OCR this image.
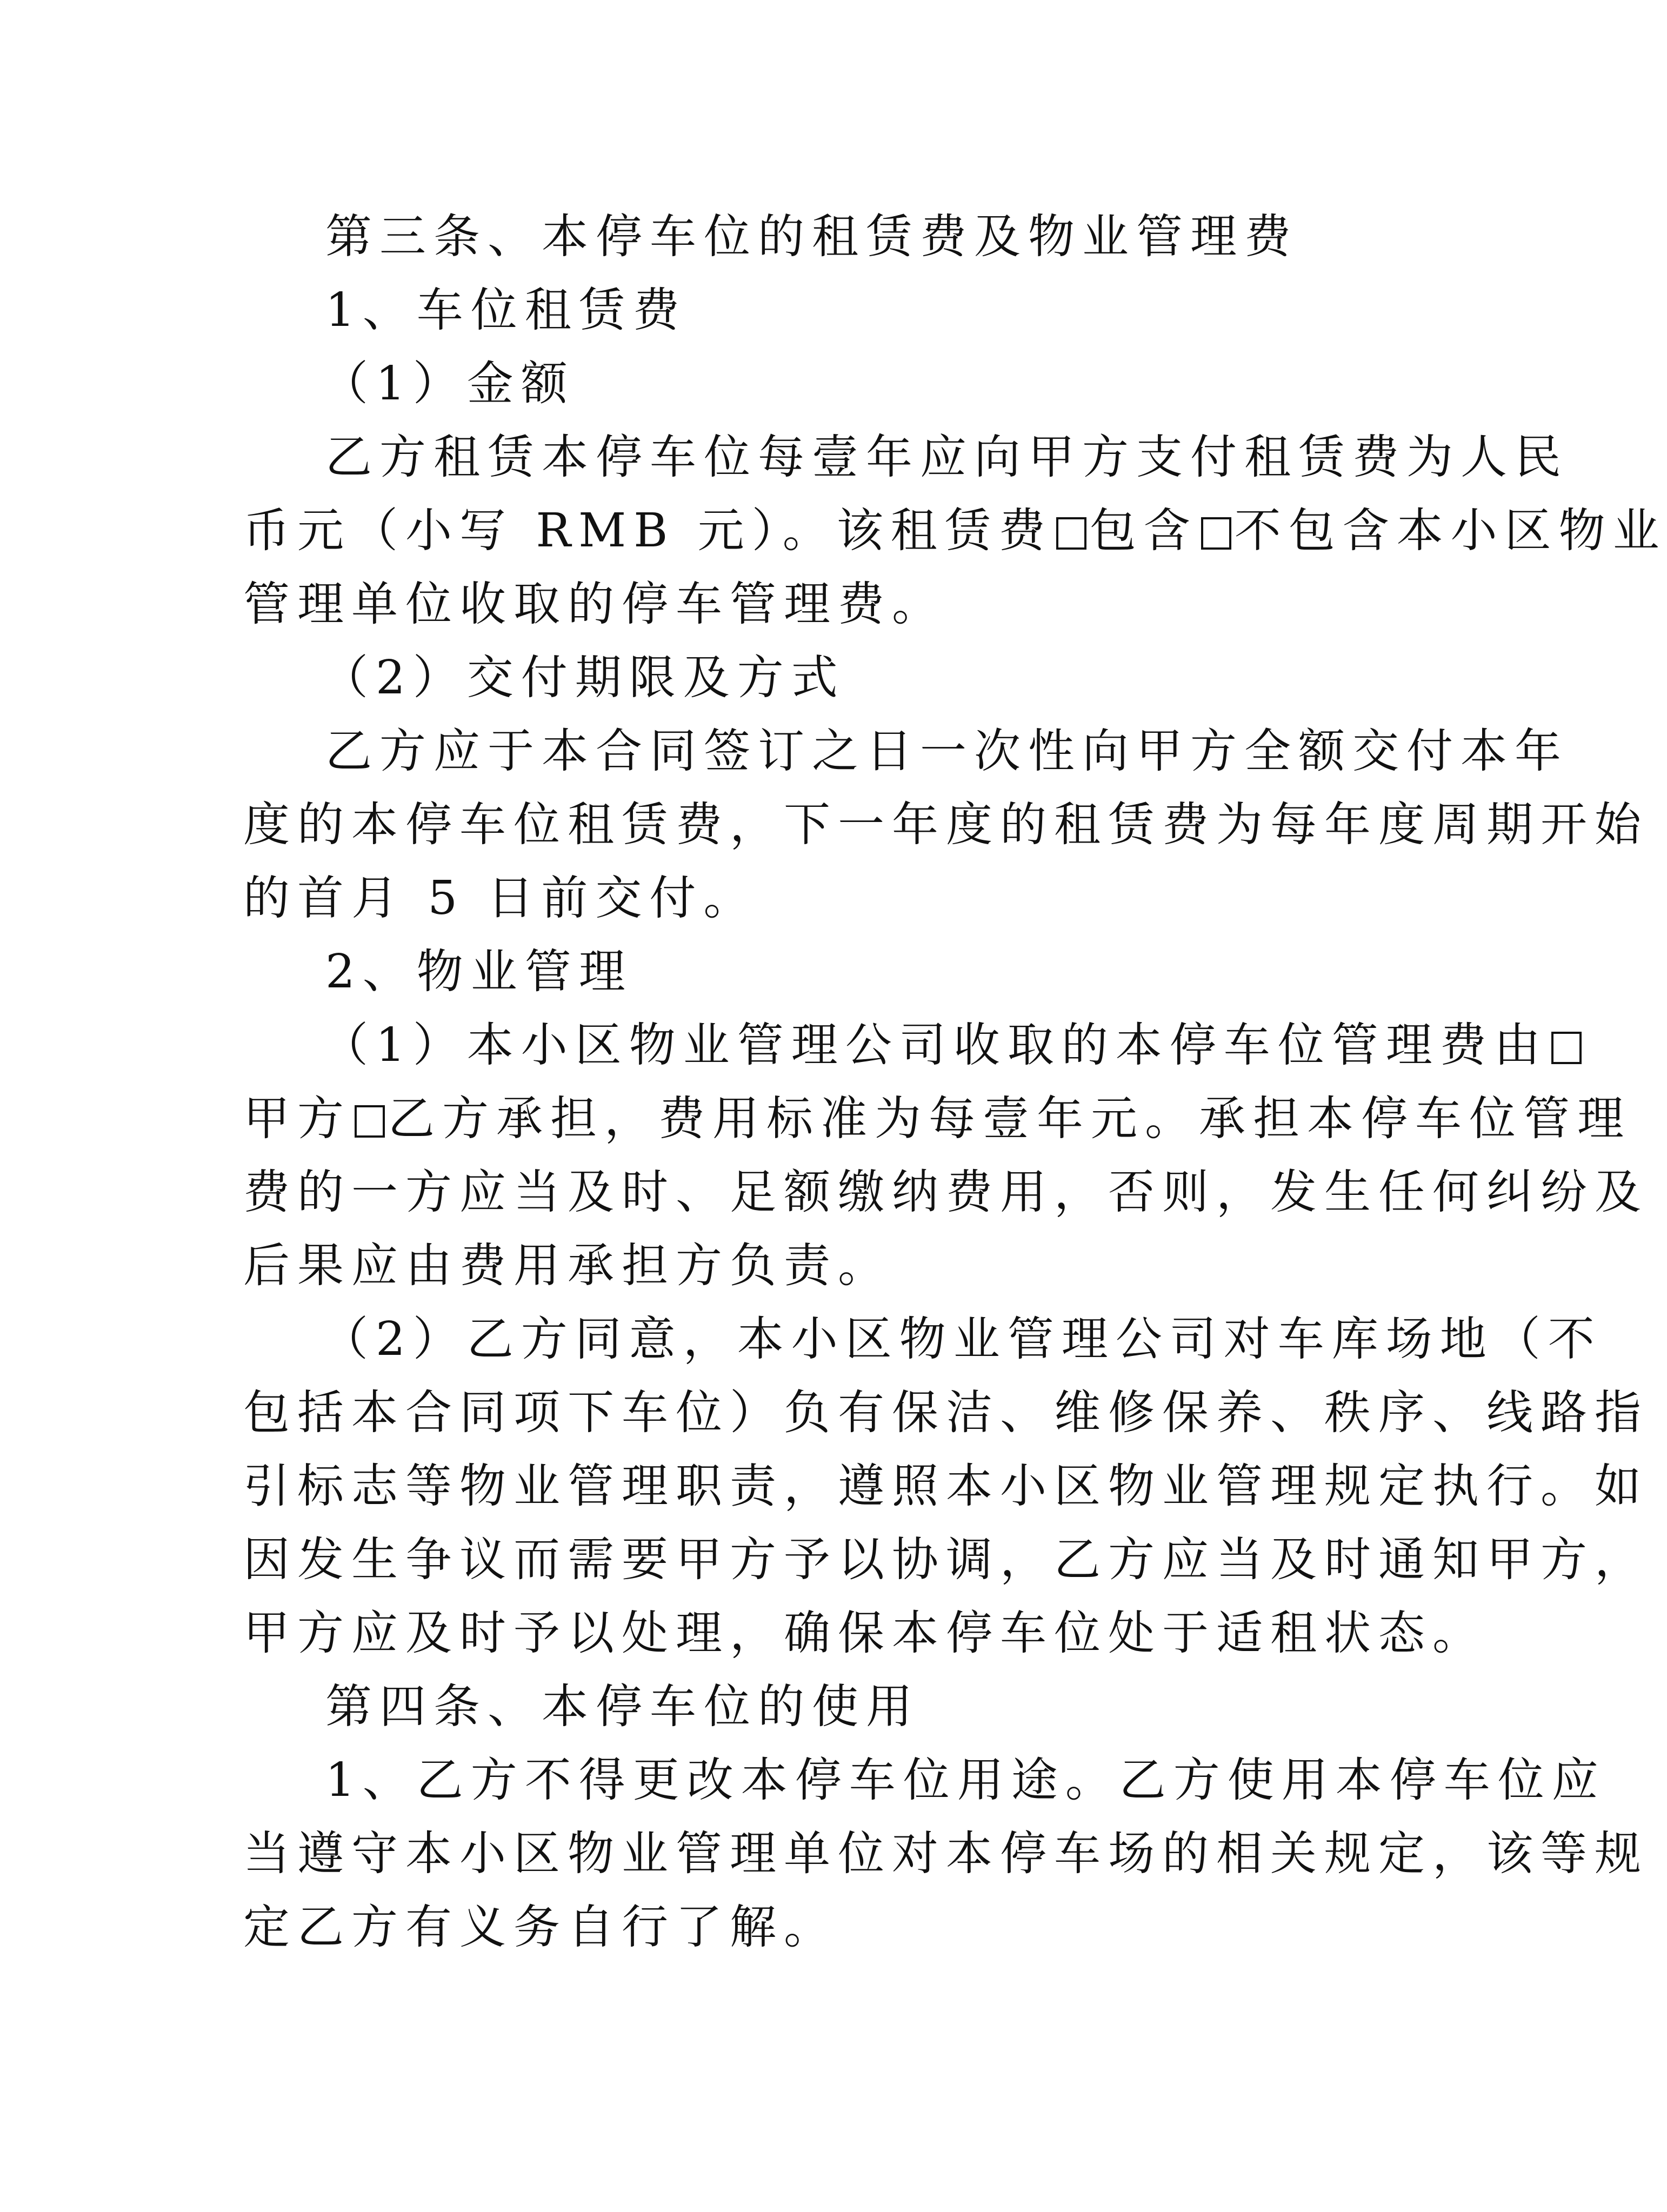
第三条、本停车位的租赁费及物业管理费

1、车位租赁费

（1）金额

乙方租赁本停车位每壹年应向甲方支付租赁费为人民

币元（小写 RMB 元）。该租赁费 包含 不包含本小区物业

管理单位收取的停车管理费。

（2）交付期限及方式

乙方应于本合同签订之日一次性向甲方全额交付本年

度的本停车位租赁费，下一年度的租赁费为每年度周期开始

的首月 5 日前交付。

2、物业管理

（1）本小区物业管理公司收取的本停车位管理费由

甲方 乙方承担，费用标准为每壹年元。承担本停车位管理

费的一方应当及时、足额缴纳费用，否则，发生任何纠纷及

后果应由费用承担方负责。

（2）乙方同意，本小区物业管理公司对车库场地（不

包括本合同项下车位）负有保洁、维修保养、秩序、线路指

引标志等物业管理职责，遵照本小区物业管理规定执行。如

因发生争议而需要甲方予以协调，乙方应当及时通知甲方，

甲方应及时予以处理，确保本停车位处于适租状态。

第四条、本停车位的使用

1、乙方不得更改本停车位用途。乙方使用本停车位应

当遵守本小区物业管理单位对本停车场的相关规定，该等规

定乙方有义务自行了解。
